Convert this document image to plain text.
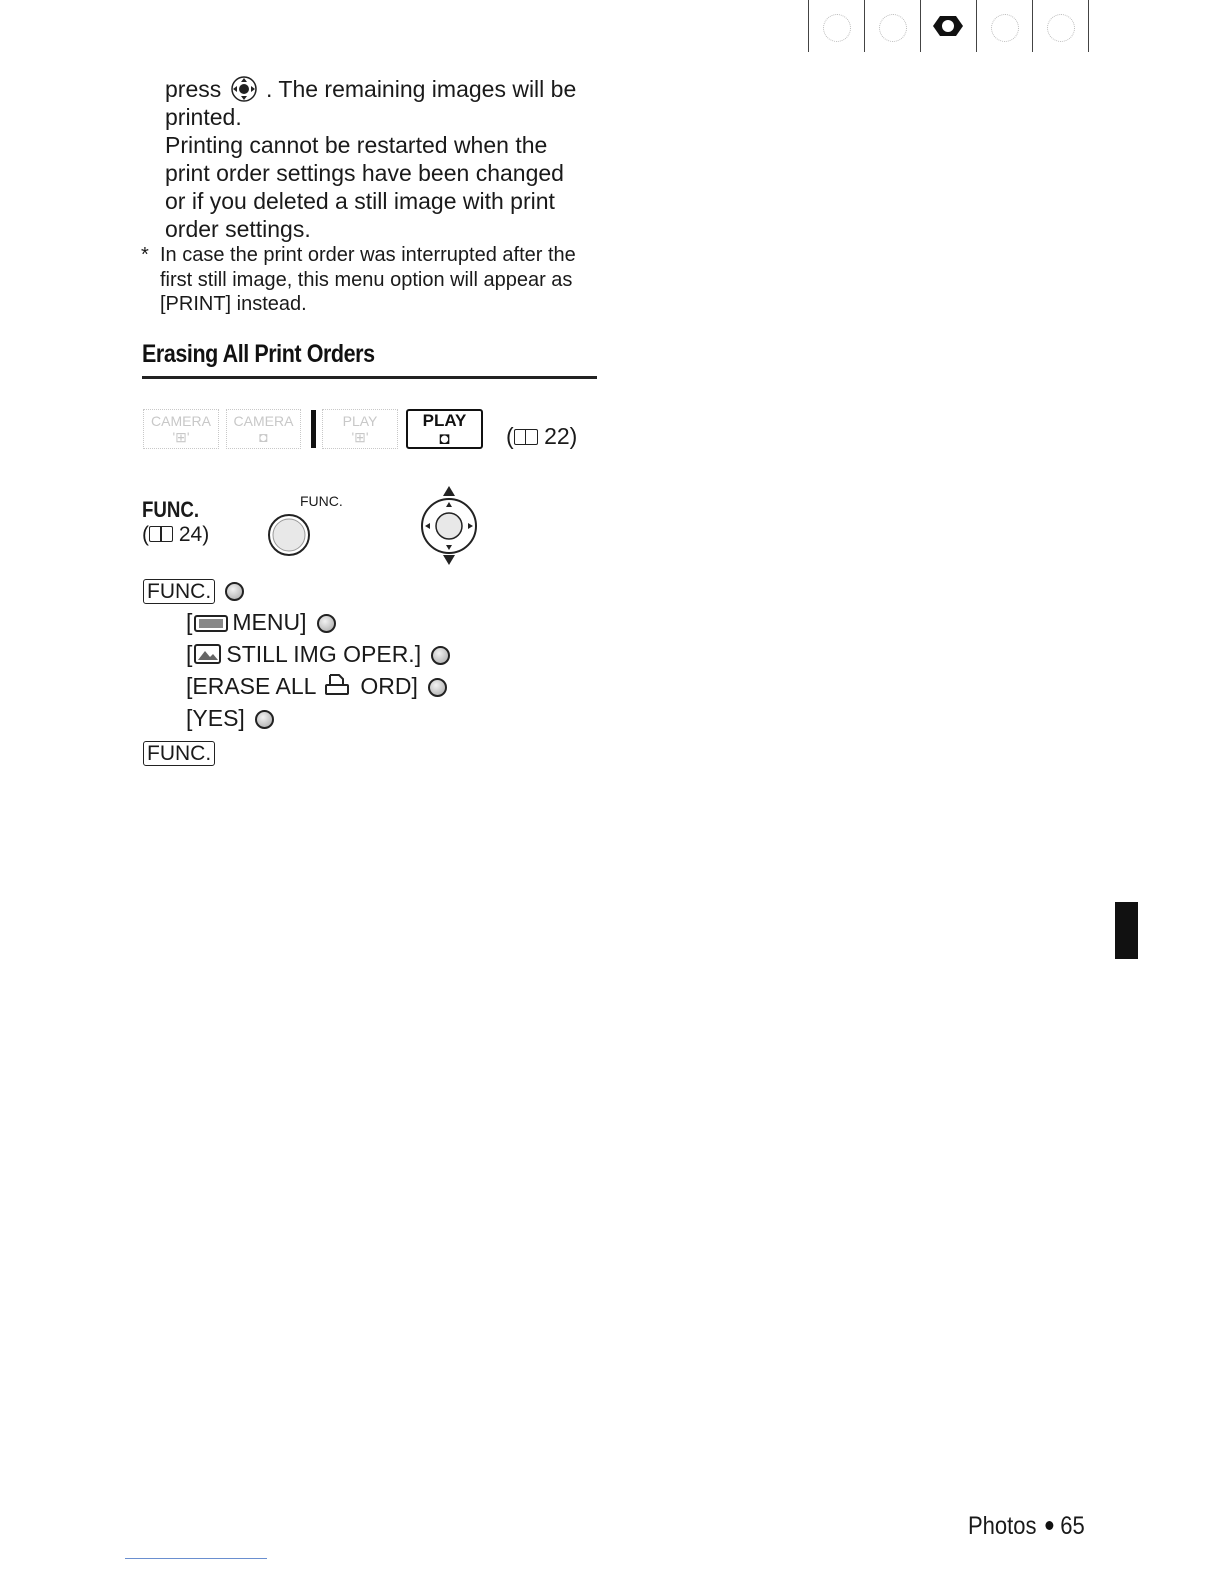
press . The remaining images will be
printed.
Printing cannot be restarted when the
print order settings have been changed
or if you deleted a still image with print
order settings.
* In case the print order was interrupted after the first still image, this menu option will appear as [PRINT] instead.
Erasing All Print Orders
CAMERA
'⊞'
CAMERA
◘
PLAY
'⊞'
PLAY
◘	( 22)
FUNC.
( 24)
FUNC.
FUNC.
[ MENU]
[ STILL IMG OPER.]
[ERASE ALL ORD]
[YES]
FUNC.
Photos 65
